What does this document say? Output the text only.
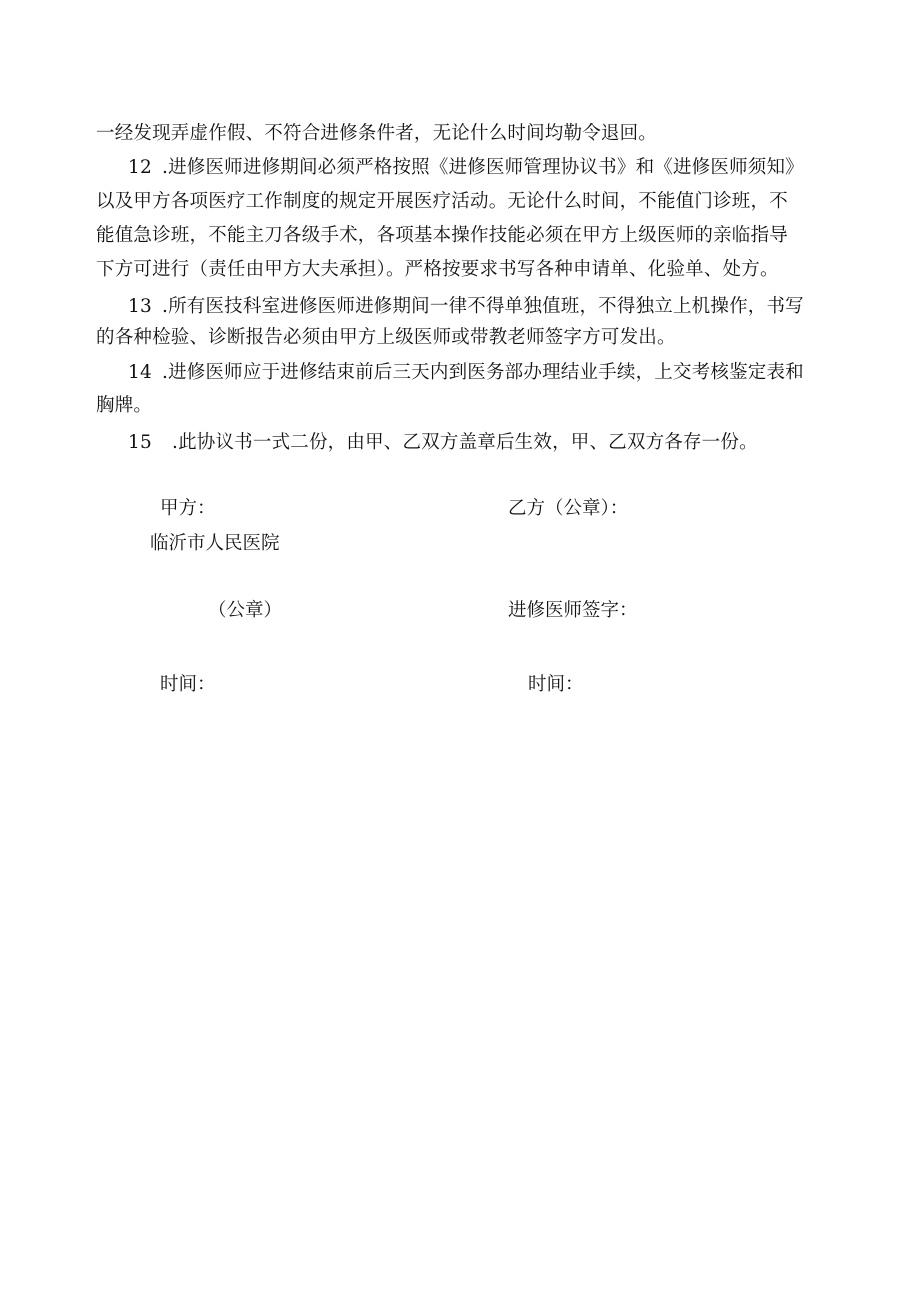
一经发现弄虚作假、不符合进修条件者，无论什么时间均勒令退回。
12 .进修医师进修期间必须严格按照《进修医师管理协议书》和《进修医师须知》
以及甲方各项医疗工作制度的规定开展医疗活动。无论什么时间，不能值门诊班，不
能值急诊班，不能主刀各级手术，各项基本操作技能必须在甲方上级医师的亲临指导
下方可进行（责任由甲方大夫承担）。严格按要求书写各种申请单、化验单、处方。
13 .所有医技科室进修医师进修期间一律不得单独值班，不得独立上机操作，书写
的各种检验、诊断报告必须由甲方上级医师或带教老师签字方可发出。
14 .进修医师应于进修结束前后三天内到医务部办理结业手续，上交考核鉴定表和
胸牌。
15 .此协议书一式二份，由甲、乙双方盖章后生效，甲、乙双方各存一份。
甲方：	乙方（公章）：
临沂市人民医院
（公章）	进修医师签字：
时间：	时间：
